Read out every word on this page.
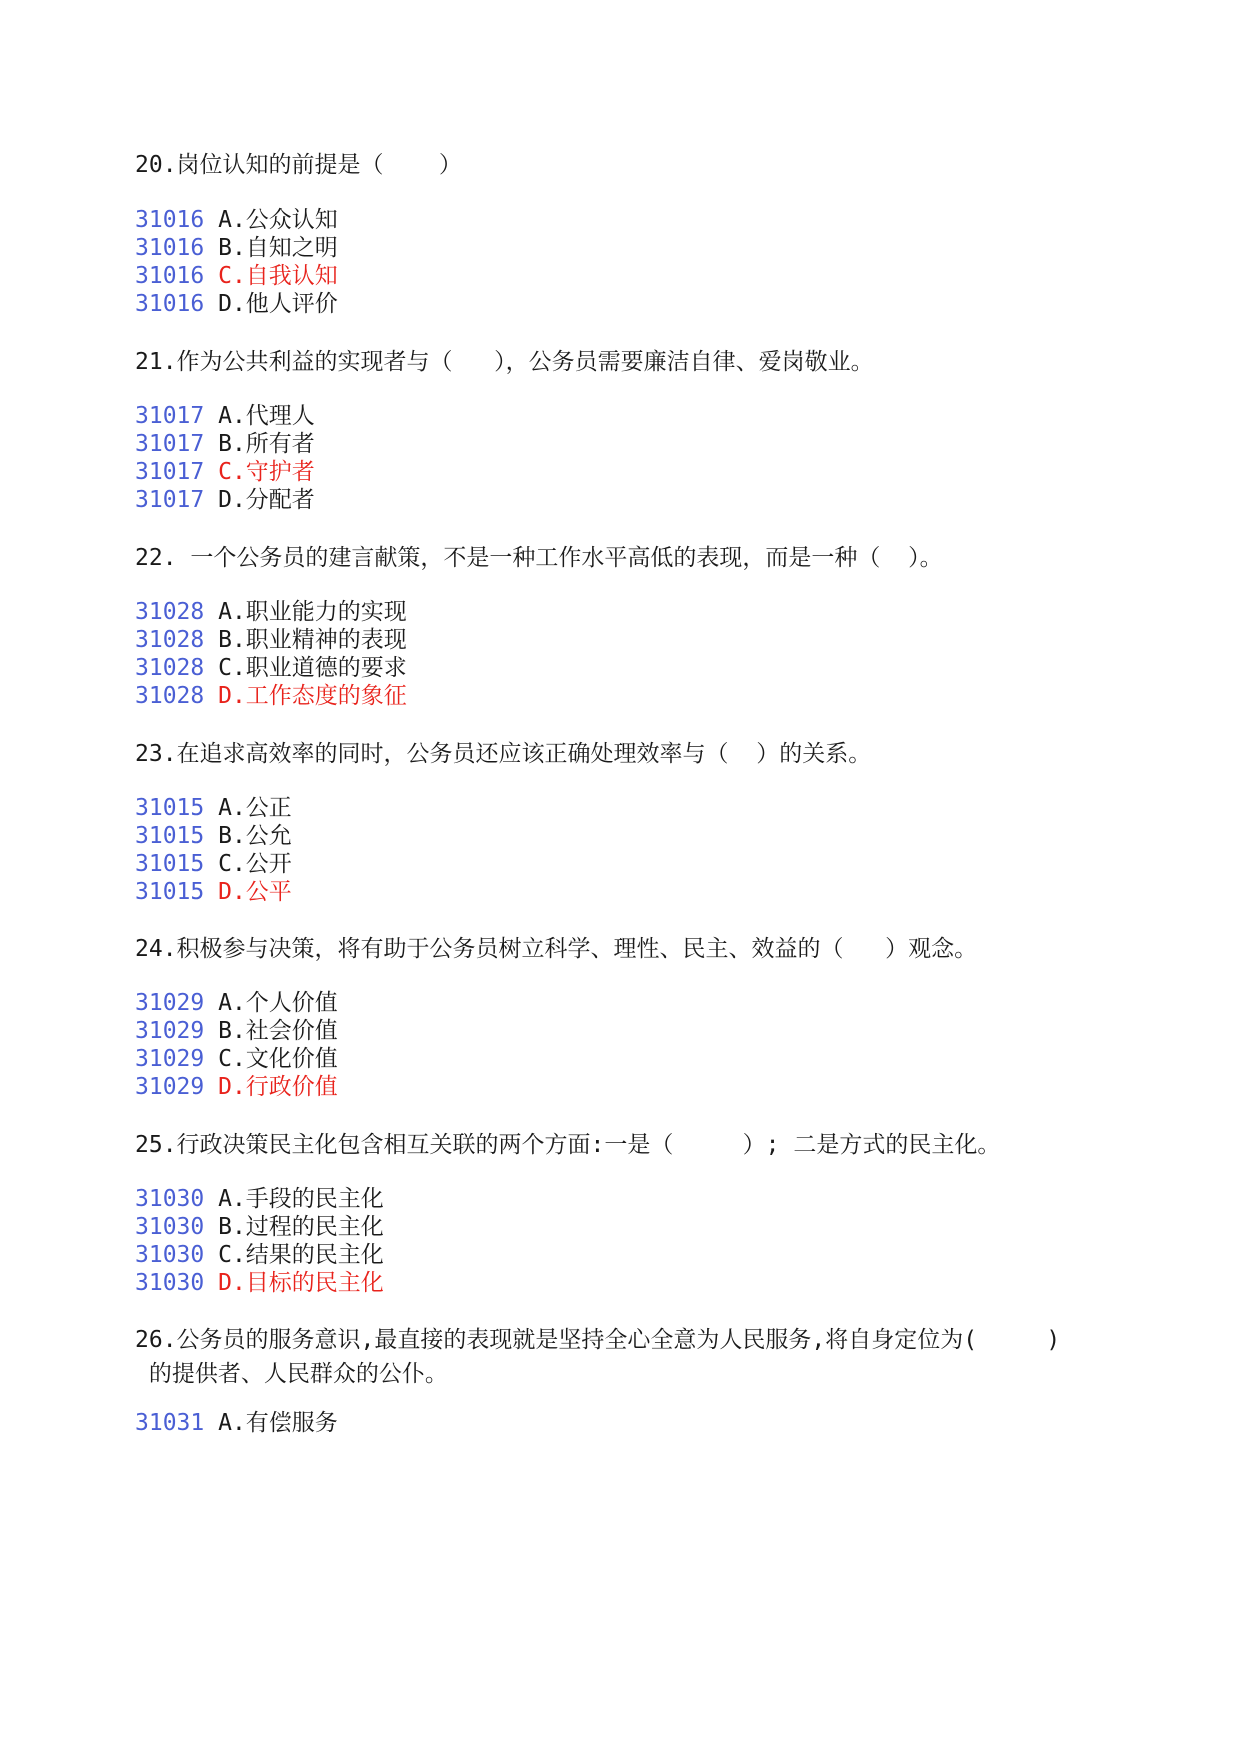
20.岗位认知的前提是（    ）
31016 A.公众认知
31016 B.自知之明
31016 C.自我认知
31016 D.他人评价
21.作为公共利益的实现者与（   ），公务员需要廉洁自律、爱岗敬业。
31017 A.代理人
31017 B.所有者
31017 C.守护者
31017 D.分配者
22. 一个公务员的建言献策，不是一种工作水平高低的表现，而是一种（  ）。
31028 A.职业能力的实现
31028 B.职业精神的表现
31028 C.职业道德的要求
31028 D.工作态度的象征
23.在追求高效率的同时，公务员还应该正确处理效率与（  ）的关系。
31015 A.公正
31015 B.公允
31015 C.公开
31015 D.公平
24.积极参与决策，将有助于公务员树立科学、理性、民主、效益的（   ）观念。
31029 A.个人价值
31029 B.社会价值
31029 C.文化价值
31029 D.行政价值
25.行政决策民主化包含相互关联的两个方面:一是（     ）; 二是方式的民主化。
31030 A.手段的民主化
31030 B.过程的民主化
31030 C.结果的民主化
31030 D.目标的民主化
26.公务员的服务意识,最直接的表现就是坚持全心全意为人民服务,将自身定位为(     )
的提供者、人民群众的公仆。
31031 A.有偿服务
